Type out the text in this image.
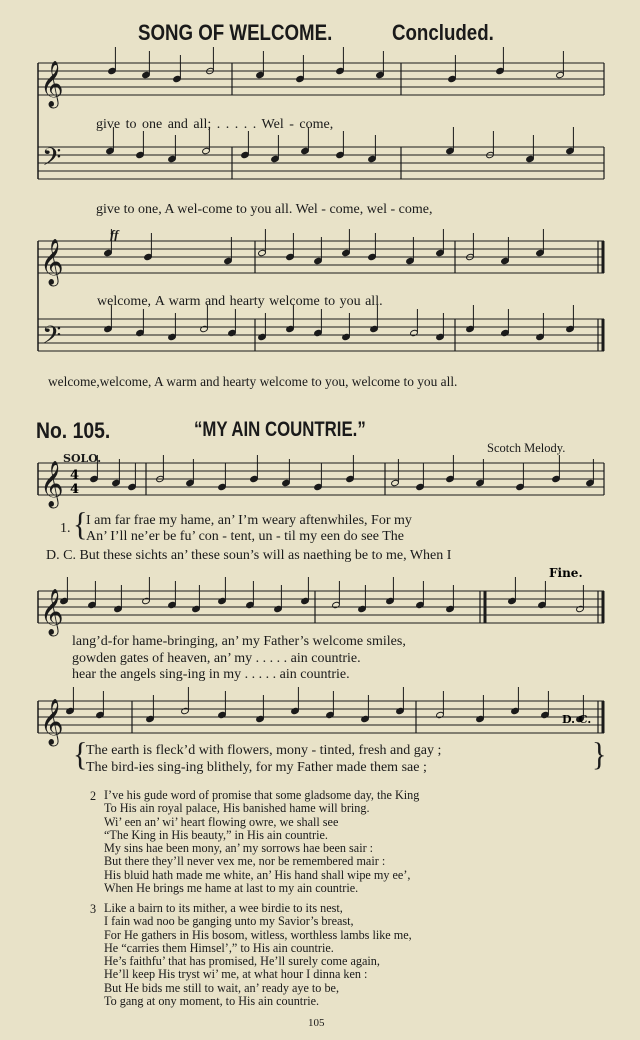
SONG OF WELCOME.	Concluded.
𝄞
𝄢
𝄞
𝄢
𝄞
𝄞
𝄞
ff
SOLO.
4
4
Fine.
D. C.
give to one and all; . . . . . Wel - come,
give to one, A wel-come to you all. Wel - come, wel - come,
welcome, A warm and hearty welcome to you all.
welcome,welcome, A warm and hearty welcome to you, welcome to you all.
No. 105.	“MY AIN COUNTRIE.”
Scotch Melody.
1. {
I am far frae my hame, an’ I’m weary aftenwhiles, For my
An’ I’ll ne’er be fu’ con - tent, un - til my een do see The
D. C. But these sichts an’ these soun’s will as naething be to me, When I
lang’d-for hame-bringing, an’ my Father’s welcome smiles,
gowden gates of heaven, an’ my . . . . . ain countrie.
hear the angels sing-ing in my . . . . . ain countrie.
{
The earth is fleck’d with flowers, mony - tinted, fresh and gay ;
The bird-ies sing-ing blithely, for my Father made them sae ;	}
2 I’ve his gude word of promise that some gladsome day, the King
To His ain royal palace, His banished hame will bring.
Wi’ een an’ wi’ heart flowing owre, we shall see
“The King in His beauty,” in His ain countrie.
My sins hae been mony, an’ my sorrows hae been sair :
But there they’ll never vex me, nor be remembered mair :
His bluid hath made me white, an’ His hand shall wipe my ee’,
When He brings me hame at last to my ain countrie.
3 Like a bairn to its mither, a wee birdie to its nest,
I fain wad noo be ganging unto my Savior’s breast,
For He gathers in His bosom, witless, worthless lambs like me,
He “carries them Himsel’,” to His ain countrie.
He’s faithfu’ that has promised, He’ll surely come again,
He’ll keep His tryst wi’ me, at what hour I dinna ken :
But He bids me still to wait, an’ ready aye to be,
To gang at ony moment, to His ain countrie.
105
